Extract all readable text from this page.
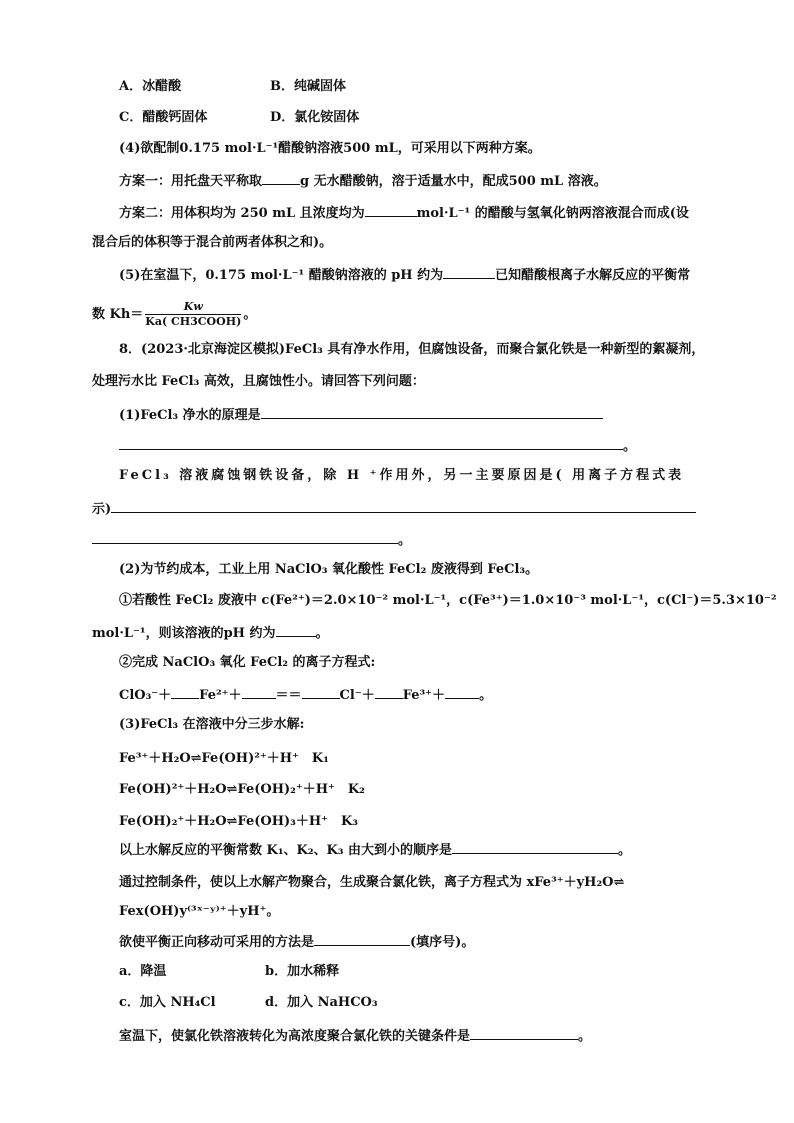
A．冰醋酸	B．纯碱固体
C．醋酸钙固体	D．氯化铵固体
(4)欲配制0.175 mol·L⁻¹醋酸钠溶液500 mL，可采用以下两种方案。
方案一：用托盘天平称取	g 无水醋酸钠，溶于适量水中，配成500 mL 溶液。
方案二：用体积均为 250 mL 且浓度均为	mol·L⁻¹ 的醋酸与氢氧化钠两溶液混合而成(设
混合后的体积等于混合前两者体积之和)。
(5)在室温下，0.175 mol·L⁻¹ 醋酸钠溶液的 pH 约为	已知醋酸根离子水解反应的平衡常
数 $Kh= \frac{Kw}{\text{Ka( CH3COOH)}}$ 。
8．(2023·北京海淀区模拟)FeCl₃ 具有净水作用，但腐蚀设备，而聚合氯化铁是一种新型的絮凝剂，
处理污水比 FeCl₃ 高效，且腐蚀性小。请回答下列问题：
(1)FeCl₃ 净水的原理是
。
FeCl₃ 溶液腐蚀钢铁设备，除 H ⁺作用外，另一主要原因是( 用离子方程式表
示)
。
(2)为节约成本，工业上用 NaClO₃ 氧化酸性 FeCl₂ 废液得到 FeCl₃。
①若酸性 FeCl₂ 废液中 c(Fe²⁺)＝2.0×10⁻² mol·L⁻¹，c(Fe³⁺)＝1.0×10⁻³ mol·L⁻¹，c(Cl⁻)＝5.3×10⁻²
mol·L⁻¹，则该溶液的pH 约为	。
②完成 NaClO₃ 氧化 FeCl₂ 的离子方程式:
ClO₃⁻＋ Fe²⁺＋	＝＝	Cl⁻＋ Fe³⁺＋	。
(3)FeCl₃ 在溶液中分三步水解:
Fe³⁺＋H₂O⇌Fe(OH)²⁺＋H⁺　K₁
Fe(OH)²⁺＋H₂O⇌Fe(OH)₂⁺＋H⁺　K₂
Fe(OH)₂⁺＋H₂O⇌Fe(OH)₃＋H⁺　K₃
以上水解反应的平衡常数 K₁、K₂、K₃ 由大到小的顺序是	。
通过控制条件，使以上水解产物聚合，生成聚合氯化铁，离子方程式为 xFe³⁺＋yH₂O⇌
Fex(OH)y⁽³ˣ⁻ʸ⁾⁺＋yH⁺。
欲使平衡正向移动可采用的方法是	(填序号)。
a．降温	b．加水稀释
c．加入 NH₄Cl	d．加入 NaHCO₃
室温下，使氯化铁溶液转化为高浓度聚合氯化铁的关键条件是	。
